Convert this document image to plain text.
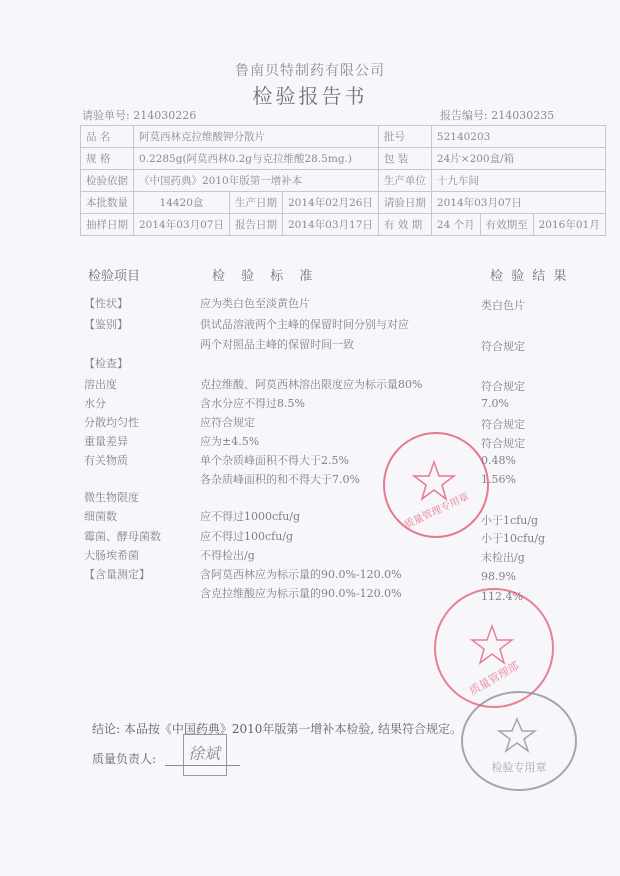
鲁南贝特制药有限公司
检验报告书
请验单号: 214030226	报告编号: 214030235
品 名	阿莫西林克拉维酸钾分散片			批号	52140203		
规 格	0.2285g(阿莫西林0.2g与克拉维酸28.5mg.)			包 装	24片×200盒/箱		
检验依据	《中国药典》2010年版第一增补本			生产单位	十九车间		
本批数量	14420盒	生产日期	2014年02月26日	请验日期	2014年03月07日		
抽样日期	2014年03月07日	报告日期	2014年03月17日	有 效 期	24 个月	有效期至	2016年01月
检验项目	检 验 标 准	检 验 结 果
【性状】	应为类白色至淡黄色片	类白色片
【鉴别】	供试品溶液两个主峰的保留时间分别与对应
两个对照品主峰的保留时间一致	符合规定
【检查】
溶出度	克拉维酸、阿莫西林溶出限度应为标示量80%	符合规定
水分	含水分应不得过8.5%	7.0%
分散均匀性	应符合规定	符合规定
重量差异	应为±4.5%	符合规定
有关物质	单个杂质峰面积不得大于2.5%	0.48%
各杂质峰面积的和不得大于7.0%	1.56%
微生物限度
细菌数	应不得过1000cfu/g	小于1cfu/g
霉菌、酵母菌数	应不得过100cfu/g	小于10cfu/g
大肠埃希菌	不得检出/g	未检出/g
【含量测定】	含阿莫西林应为标示量的90.0%-120.0%	98.9%
含克拉维酸应为标示量的90.0%-120.0%	112.4%
质量管理专用章
质量管理部
检验专用章
结论: 本品按《中国药典》2010年版第一增补本检验, 结果符合规定。
质量负责人: 徐斌
